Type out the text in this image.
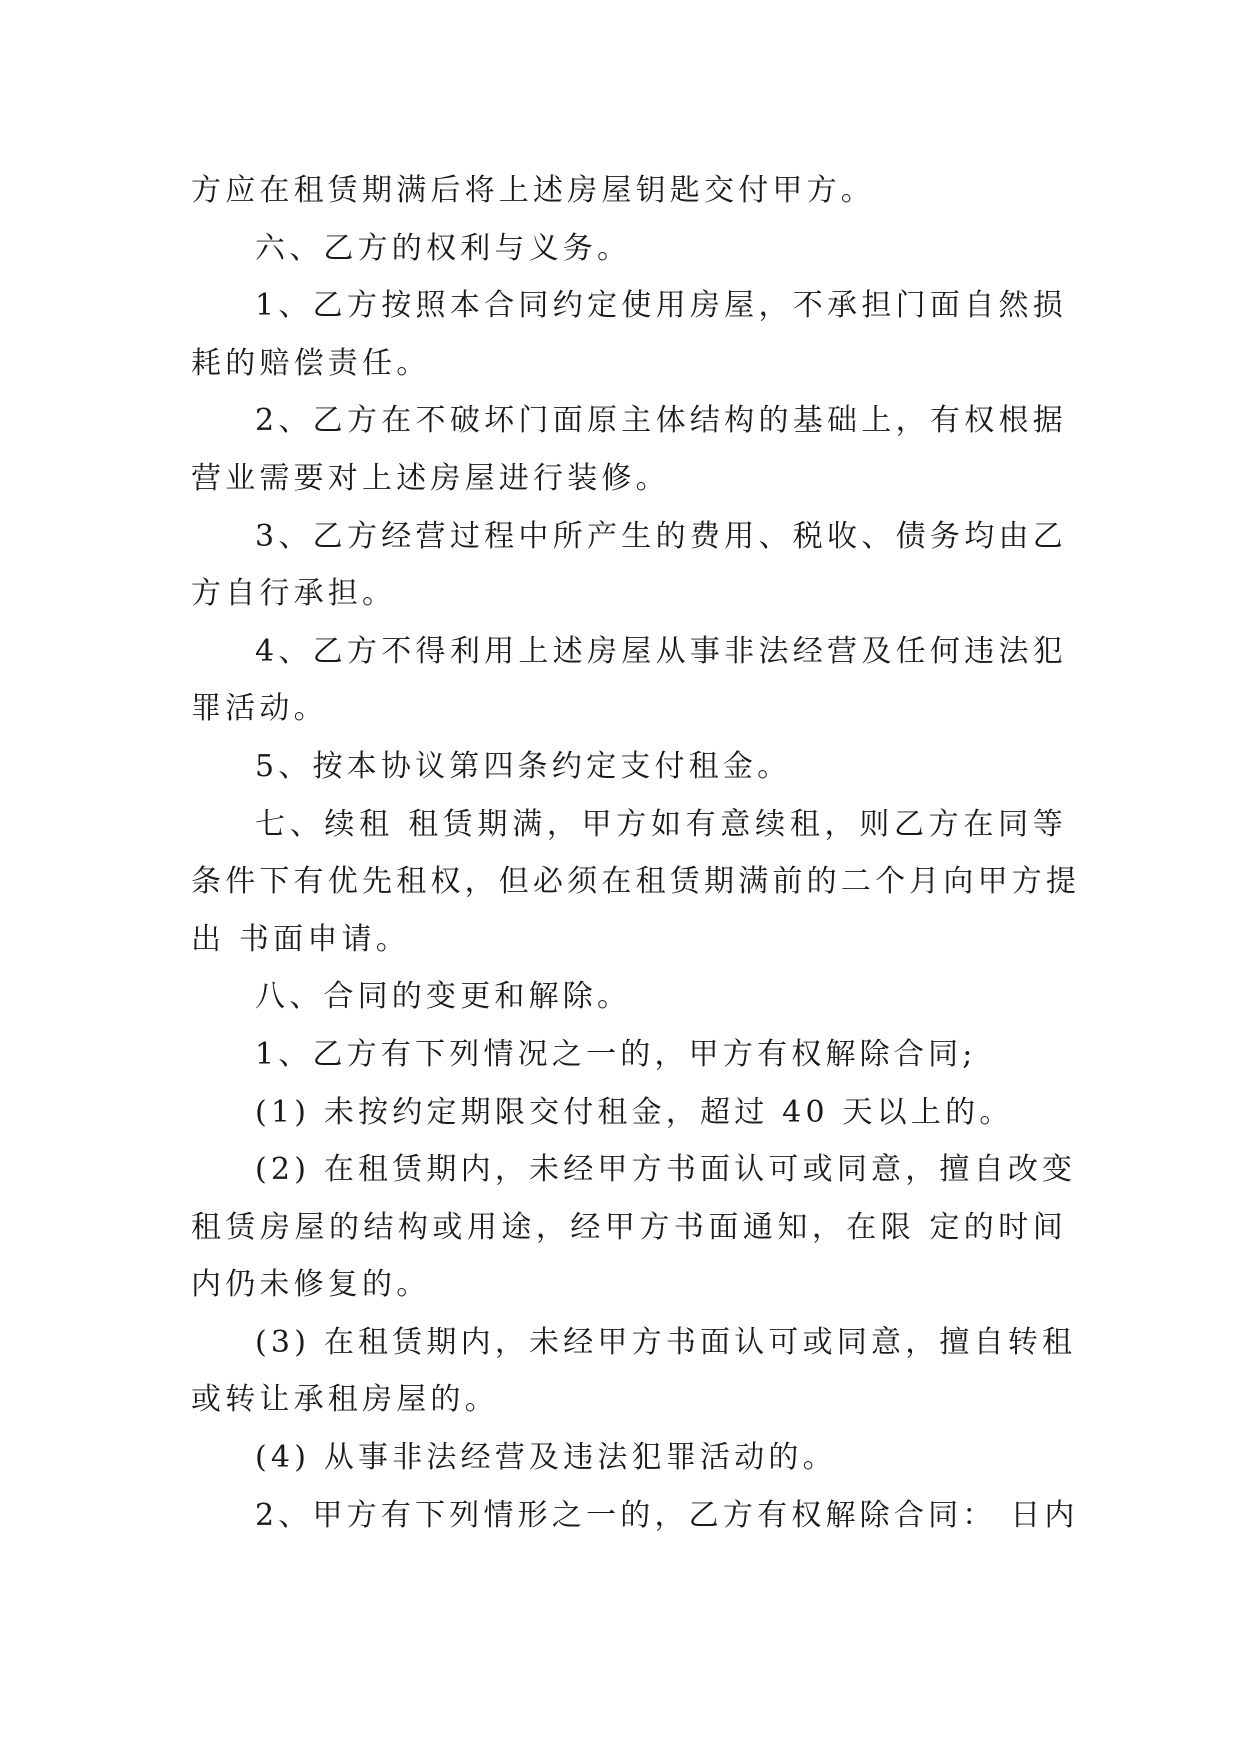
方应在租赁期满后将上述房屋钥匙交付甲方。
六、乙方的权利与义务。
1、乙方按照本合同约定使用房屋，不承担门面自然损
耗的赔偿责任。
2、乙方在不破坏门面原主体结构的基础上，有权根据
营业需要对上述房屋进行装修。
3、乙方经营过程中所产生的费用、税收、债务均由乙
方自行承担。
4、乙方不得利用上述房屋从事非法经营及任何违法犯
罪活动。
5、按本协议第四条约定支付租金。
七、续租 租赁期满，甲方如有意续租，则乙方在同等
条件下有优先租权，但必须在租赁期满前的二个月向甲方提
出 书面申请。
八、合同的变更和解除。
1、乙方有下列情况之一的，甲方有权解除合同;
(1) 未按约定期限交付租金，超过 40 天以上的。
(2) 在租赁期内，未经甲方书面认可或同意，擅自改变
租赁房屋的结构或用途，经甲方书面通知，在限 定的时间
内仍未修复的。
(3) 在租赁期内，未经甲方书面认可或同意，擅自转租
或转让承租房屋的。
(4) 从事非法经营及违法犯罪活动的。
2、甲方有下列情形之一的，乙方有权解除合同： 日内
